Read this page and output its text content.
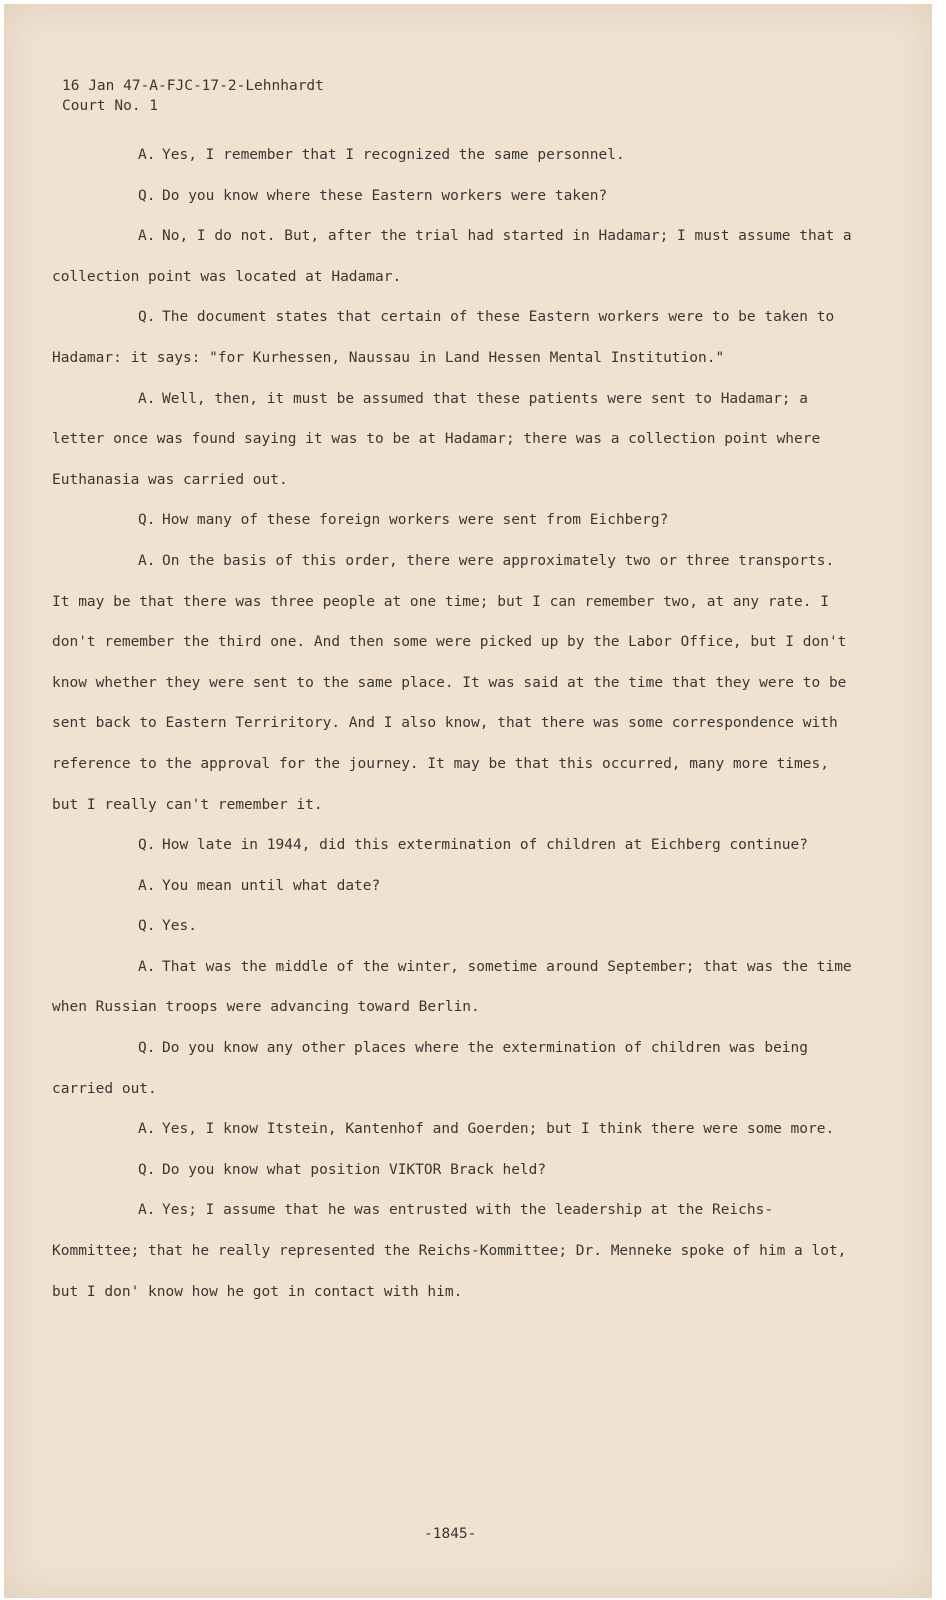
16 Jan 47-A-FJC-17-2-Lehnhardt
Court No. 1

A. Yes, I remember that I recognized the same personnel.

Q. Do you know where these Eastern workers were taken?

A. No, I do not. But, after the trial had started in Hadamar; I must assume that a collection point was located at Hadamar.

Q. The document states that certain of these Eastern workers were to be taken to Hadamar: it says: "for Kurhessen, Naussau in Land Hessen Mental Institution."

A. Well, then, it must be assumed that these patients were sent to Hadamar; a letter once was found saying it was to be at Hadamar; there was a collection point where Euthanasia was carried out.

Q. How many of these foreign workers were sent from Eichberg?

A. On the basis of this order, there were approximately two or three transports. It may be that there was three people at one time; but I can remember two, at any rate. I don't remember the third one. And then some were picked up by the Labor Office, but I don't know whether they were sent to the same place. It was said at the time that they were to be sent back to Eastern Terriritory. And I also know, that there was some correspondence with reference to the approval for the journey. It may be that this occurred, many more times, but I really can't remember it.

Q. How late in 1944, did this extermination of children at Eichberg continue?

A. You mean until what date?

Q. Yes.

A. That was the middle of the winter, sometime around September; that was the time when Russian troops were advancing toward Berlin.

Q. Do you know any other places where the extermination of children was being carried out.

A. Yes, I know Itstein, Kantenhof and Goerden; but I think there were some more.

Q. Do you know what position VIKTOR Brack held?

A. Yes; I assume that he was entrusted with the leadership at the Reichs-Kommittee; that he really represented the Reichs-Kommittee; Dr. Menneke spoke of him a lot, but I don' know how he got in contact with him.

-1845-
